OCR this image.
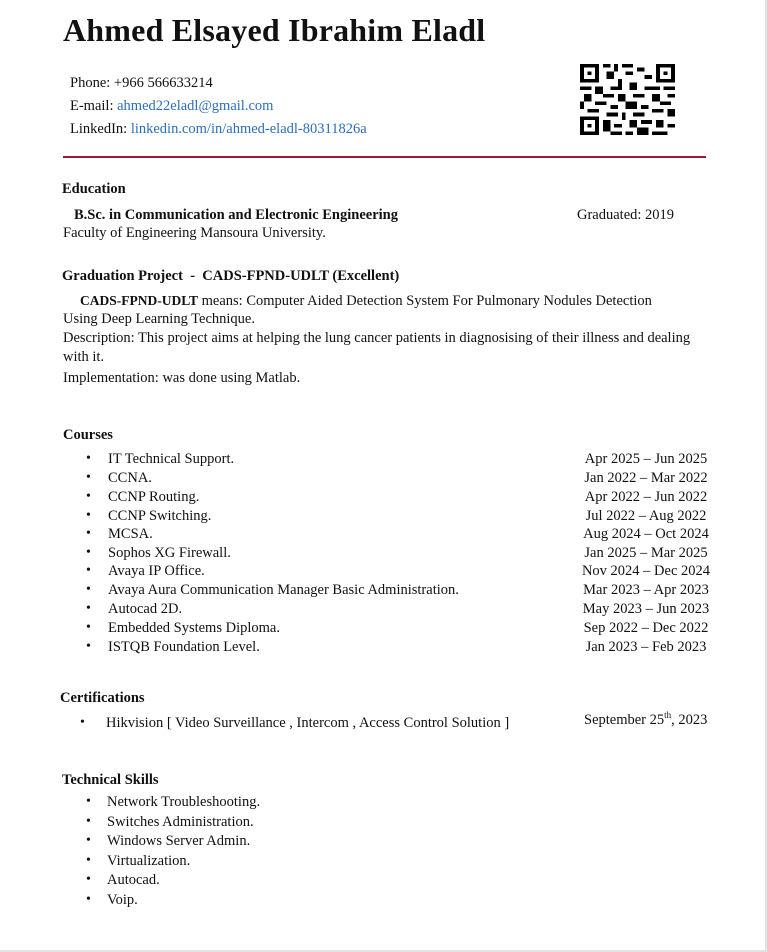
Ahmed Elsayed Ibrahim Eladl
Phone: +966 566633214
E-mail: ahmed22eladl@gmail.com
LinkedIn: linkedin.com/in/ahmed-eladl-80311826a
Education
B.Sc. in Communication and Electronic Engineering	Graduated: 2019
Faculty of Engineering Mansoura University.
Graduation Project  -  CADS-FPND-UDLT (Excellent)
CADS-FPND-UDLT means: Computer Aided Detection System For Pulmonary Nodules Detection
Using Deep Learning Technique.
Description: This project aims at helping the lung cancer patients in diagnosising of their illness and dealing
with it.
Implementation: was done using Matlab.
Courses
Certifications
• Hikvision [ Video Surveillance , Intercom , Access Control Solution ]	September 25th, 2023
Technical Skills
• IT Technical Support.	Apr 2025 – Jun 2025
• CCNA.	Jan 2022 – Mar 2022
• CCNP Routing.	Apr 2022 – Jun 2022
• CCNP Switching.	Jul 2022 – Aug 2022
• MCSA.	Aug 2024 – Oct 2024
• Sophos XG Firewall.	Jan 2025 – Mar 2025
• Avaya IP Office.	Nov 2024 – Dec 2024
• Avaya Aura Communication Manager Basic Administration.	Mar 2023 – Apr 2023
• Autocad 2D.	May 2023 – Jun 2023
• Embedded Systems Diploma.	Sep 2022 – Dec 2022
• ISTQB Foundation Level.	Jan 2023 – Feb 2023
• Network Troubleshooting.
• Switches Administration.
• Windows Server Admin.
• Virtualization.
• Autocad.
• Voip.
